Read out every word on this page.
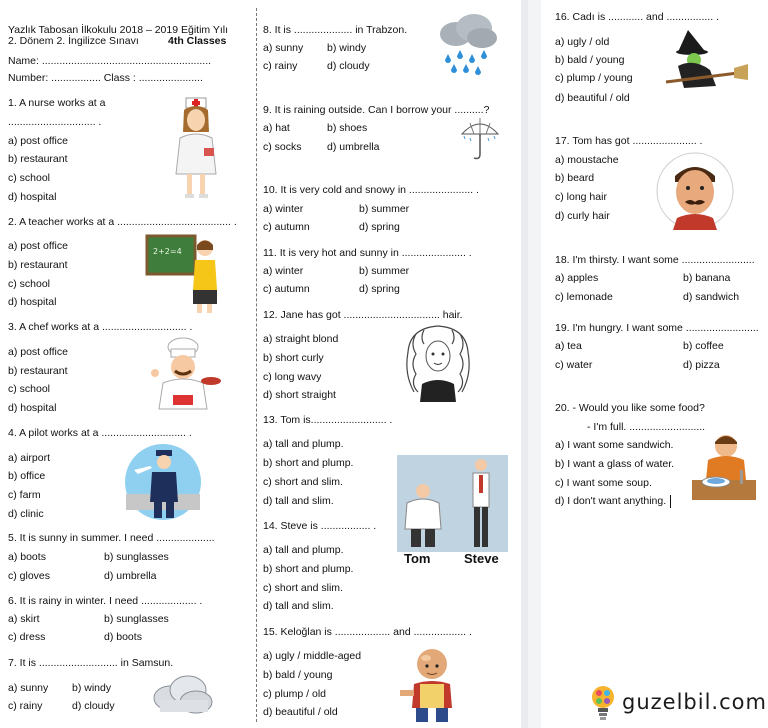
Yazlık Tabosan İlkokulu 2018 – 2019 Eğitim Yılı
2. Dönem 2. İngilizce Sınavı	4th Classes
Name: ..........................................................
Number: ................. Class : ......................
1. A nurse works at a
.............................. .
a) post office
b) restaurant
c) school
d) hospital
2. A teacher works at a ....................................... .
a) post office
b) restaurant
c) school
d) hospital
2+2=4
3. A chef works at a ............................. .
a) post office
b) restaurant
c) school
d) hospital
4. A pilot works at a ............................. .
a) airport
b) office
c) farm
d) clinic
5. It is sunny in summer. I need ....................
a) boots	b) sunglasses
c) gloves	d) umbrella
6. It is rainy in winter. I need ................... .
a) skirt	b) sunglasses
c) dress	d) boots
7. It is ........................... in Samsun.
a) sunny b) windy
c) rainy	d) cloudy
8. It is .................... in Trabzon.
a) sunny b) windy
c) rainy	d) cloudy
9. It is raining outside. Can I borrow your ..........?
a) hat	b) shoes
c) socks d) umbrella
10. It is very cold and snowy in ...................... .
a) winter	b) summer
c) autumn	d) spring
11. It is very hot and sunny in ...................... .
a) winter	b) summer
c) autumn	d) spring
12. Jane has got ................................. hair.
a) straight blond
b) short curly
c) long wavy
d) short straight
13. Tom is.......................... .
a) tall and plump.
b) short and plump.
c) short and slim.
d) tall and slim.
Tom	Steve
14. Steve is ................. .
a) tall and plump.
b) short and plump.
c) short and slim.
d) tall and slim.
15. Keloğlan is ................... and .................. .
a) ugly / middle-aged
b) bald / young
c) plump / old
d) beautiful / old
16. Cadı is ............ and ................ .
a) ugly / old
b) bald / young
c) plump / young
d) beautiful / old
17. Tom has got ...................... .
a) moustache
b) beard
c) long hair
d) curly hair
18. I'm thirsty. I want some .........................
a) apples	b) banana
c) lemonade	d) sandwich
19. I'm hungry. I want some .........................
a) tea	b) coffee
c) water	d) pizza
20. - Would you like some food?
- I'm full. ..........................
a) I want some sandwich.
b) I want a glass of water.
c) I want some soup.
d) I don't want anything.
guzelbil.com
